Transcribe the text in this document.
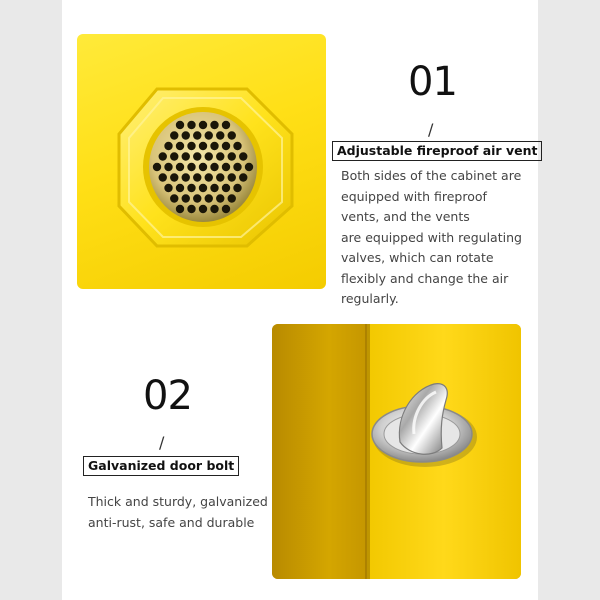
01
/
Adjustable fireproof air vent
Both sides of the cabinet are
equipped with fireproof
vents, and the vents
are equipped with regulating
valves, which can rotate
flexibly and change the air
regularly.
02
/
Galvanized door bolt
Thick and sturdy, galvanized
anti-rust, safe and durable
